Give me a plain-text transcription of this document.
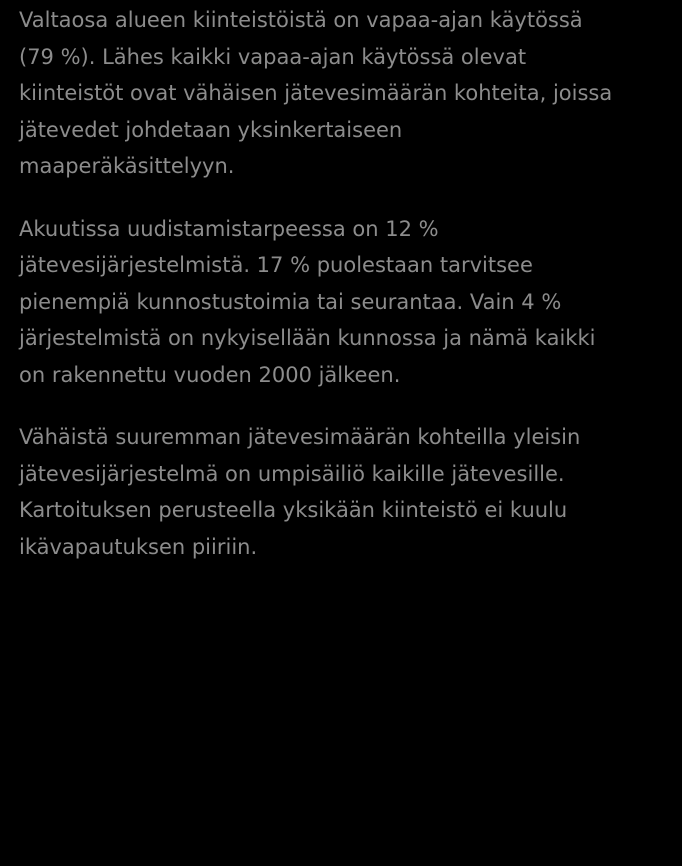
Valtaosa alueen kiinteistöistä on vapaa-ajan käytössä
(79 %). Lähes kaikki vapaa-ajan käytössä olevat
kiinteistöt ovat vähäisen jätevesimäärän kohteita, joissa
jätevedet johdetaan yksinkertaiseen
maaperäkäsittelyyn.

Akuutissa uudistamistarpeessa on 12 %
jätevesijärjestelmistä. 17 % puolestaan tarvitsee
pienempiä kunnostustoimia tai seurantaa. Vain 4 %
järjestelmistä on nykyisellään kunnossa ja nämä kaikki
on rakennettu vuoden 2000 jälkeen.

Vähäistä suuremman jätevesimäärän kohteilla yleisin
jätevesijärjestelmä on umpisäiliö kaikille jätevesille.
Kartoituksen perusteella yksikään kiinteistö ei kuulu
ikävapautuksen piiriin.
